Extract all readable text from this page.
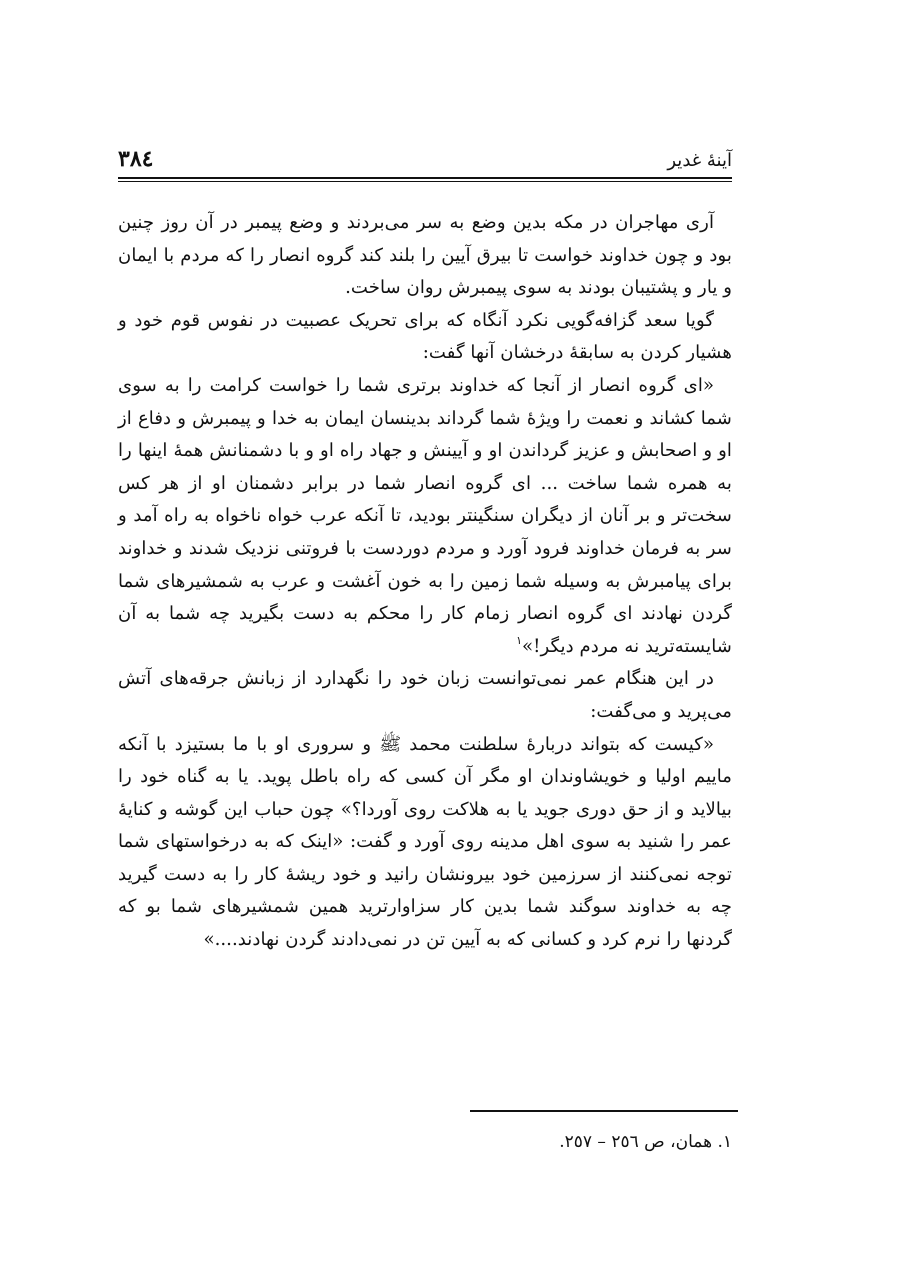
٣٨٤	آینهٔ غدیر

آری مهاجران در مکه بدین وضع به سر می‌بردند و وضع پیمبر در آن روز چنین بود و چون خداوند خواست تا بیرق آیین را بلند کند گروه انصار را که مردم با ایمان و یار و پشتیبان بودند به سوی پیمبرش روان ساخت.

گویا سعد گزافه‌گویی نکرد آنگاه که برای تحریک عصبیت در نفوس قوم خود و هشیار کردن به سابقهٔ درخشان آنها گفت:

«ای گروه انصار از آنجا که خداوند برتری شما را خواست کرامت را به سوی شما کشاند و نعمت را ویژهٔ شما گرداند بدینسان ایمان به خدا و پیمبرش و دفاع از او و اصحابش و عزیز گرداندن او و آیینش و جهاد راه او و با دشمنانش همهٔ اینها را به همره شما ساخت ... ای گروه انصار شما در برابر دشمنان او از هر کس سخت‌تر و بر آنان از دیگران سنگینتر بودید، تا آنکه عرب خواه ناخواه به راه آمد و سر به فرمان خداوند فرود آورد و مردم دوردست با فروتنی نزدیک شدند و خداوند برای پیامبرش به وسیله شما زمین را به خون آغشت و عرب به شمشیرهای شما گردن نهادند ای گروه انصار زمام کار را محکم به دست بگیرید چه شما به آن شایسته‌ترید نه مردم دیگر!»$^١$

در این هنگام عمر نمی‌توانست زبان خود را نگهدارد از زبانش جرقه‌های آتش می‌پرید و می‌گفت:

«کیست که بتواند دربارهٔ سلطنت محمد ﷺ و سروری او با ما بستیزد با آنکه ماییم اولیا و خویشاوندان او مگر آن کسی که راه باطل پوید. یا به گناه خود را بیالاید و از حق دوری جوید یا به هلاکت روی آوردا؟» چون حباب این گوشه و کنایهٔ عمر را شنید به سوی اهل مدینه روی آورد و گفت: «اینک که به درخواستهای شما توجه نمی‌کنند از سرزمین خود بیرونشان رانید و خود ریشهٔ کار را به دست گیرید چه به خداوند سوگند شما بدین کار سزاوارترید همین شمشیرهای شما بو که گردنها را نرم کرد و کسانی که به آیین تن در نمی‌دادند گردن نهادند....»

١. همان، ص ٢٥٦ – ٢٥٧.
